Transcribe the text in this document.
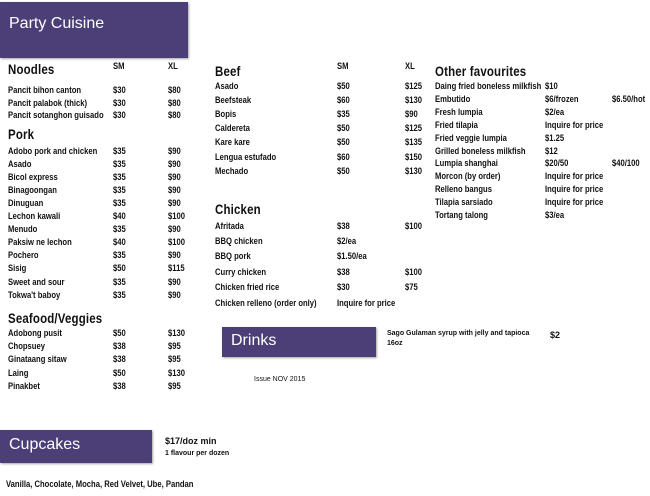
Party Cuisine
Drinks
Cupcakes
Noodles	SM	XL
Pancit bihon canton	$30	$80
Pancit palabok (thick)	$30	$80
Pancit sotanghon guisado $30	$80
Pork
Adobo pork and chicken $35	$90
Asado	$35	$90
Bicol express	$35	$90
Binagoongan	$35	$90
Dinuguan	$35	$90
Lechon kawali	$40	$100
Menudo	$35	$90
Paksiw ne lechon	$40	$100
Pochero	$35	$90
Sisig	$50	$115
Sweet and sour	$35	$90
Tokwa't baboy	$35	$90
Seafood/Veggies
Adobong pusit	$50	$130
Chopsuey	$38	$95
Ginataang sitaw	$38	$95
Laing	$50	$130
Pinakbet	$38	$95
Beef	SM	XL
Asado	$50	$125
Beefsteak	$60	$130
Bopis	$35	$90
Caldereta	$50	$125
Kare kare	$50	$135
Lengua estufado	$60	$150
Mechado	$50	$130
Chicken
Afritada	$38	$100
BBQ chicken	$2/ea
BBQ pork	$1.50/ea
Curry chicken	$38	$100
Chicken fried rice	$30	$75
Chicken relleno (order only) Inquire for price
Other favourites
Daing fried boneless milkfish $10
Embutido	$6/frozen	$6.50/hot
Fresh lumpia	$2/ea
Fried tilapia	Inquire for price
Fried veggie lumpia	$1.25
Grilled boneless milkfish $12
Lumpia shanghai	$20/50	$40/100
Morcon (by order)	Inquire for price
Relleno bangus	Inquire for price
Tilapia sarsiado	Inquire for price
Tortang talong	$3/ea
Sago Gulaman syrup with jelly and tapioca
16oz
$2
Issue NOV 2015
$17/doz min
1 flavour per dozen
Vanilla, Chocolate, Mocha, Red Velvet, Ube, Pandan
